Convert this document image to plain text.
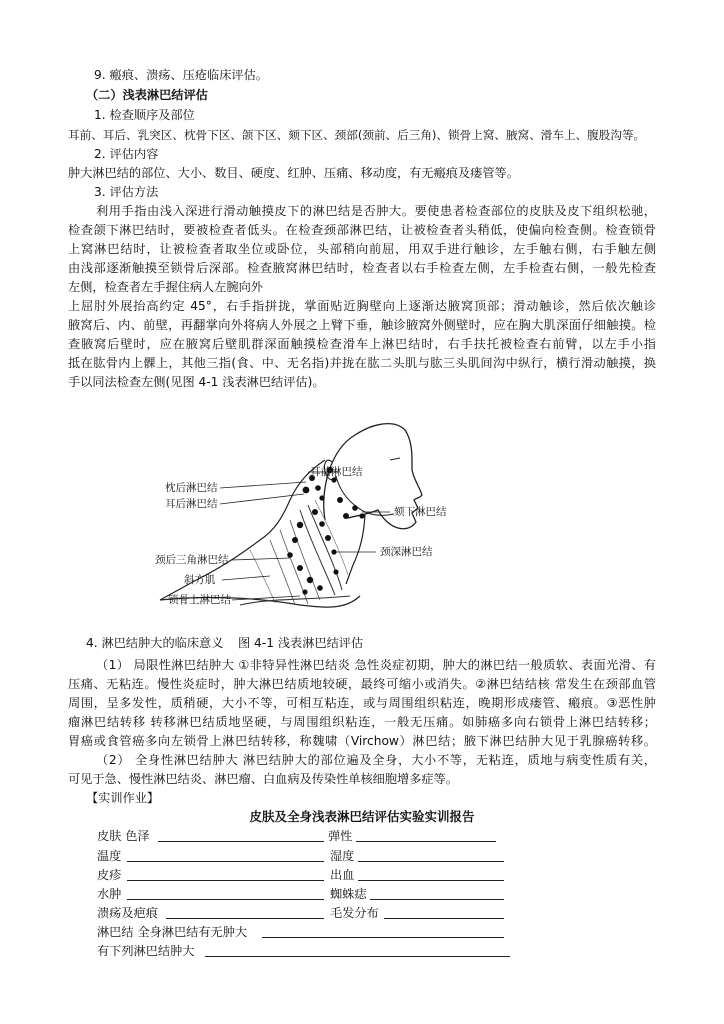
9. 瘢痕、溃疡、压疮临床评估。
（二）浅表淋巴结评估
1. 检查顺序及部位
耳前、耳后、乳突区、枕骨下区、颌下区、颏下区、颈部(颈前、后三角)、锁骨上窝、腋窝、滑车上、腹股沟等。
2. 评估内容
肿大淋巴结的部位、大小、数目、硬度、红肿、压痛、移动度，有无瘢痕及瘘管等。
3. 评估方法
利用手指由浅入深进行滑动触摸皮下的淋巴结是否肿大。要使患者检查部位的皮肤及皮下组织松驰，
检查颌下淋巴结时，要被检查者低头。在检查颈部淋巴结，让被检查者头稍低，使偏向检查侧。检查锁骨
上窝淋巴结时，让被检查者取坐位或卧位，头部稍向前屈，用双手进行触诊，左手触右侧，右手触左侧
由浅部逐渐触摸至锁骨后深部。检查腋窝淋巴结时，检查者以右手检查左侧，左手检查右侧，一般先检查
左侧，检查者左手握住病人左腕向外
上屈肘外展抬高约定 45°，右手指拼拢，掌面贴近胸壁向上逐渐达腋窝顶部；滑动触诊，然后依次触诊
腋窝后、内、前壁，再翻掌向外将病人外展之上臂下垂，触诊腋窝外侧壁时，应在胸大肌深面仔细触摸。检
查腋窝后壁时，应在腋窝后壁肌群深面触摸检查滑车上淋巴结时，右手扶托被检查右前臂，以左手小指
抵在肱骨内上髁上，其他三指(食、中、无名指)并拢在肱二头肌与肱三头肌间沟中纵行，横行滑动触摸，换
手以同法检查左侧(见图 4-1 浅表淋巴结评估)。
耳前淋巴结
枕后淋巴结
耳后淋巴结
颏下淋巴结
颈深淋巴结
颈后三角淋巴结
斜方肌
锁骨上淋巴结
4. 淋巴结肿大的临床意义 图 4-1 浅表淋巴结评估
（1） 局限性淋巴结肿大 ①非特异性淋巴结炎 急性炎症初期，肿大的淋巴结一般质软、表面光滑、有
压痛、无粘连。慢性炎症时，肿大淋巴结质地较硬，最终可缩小或消失。②淋巴结结核 常发生在颈部血管
周围，呈多发性，质稍硬，大小不等，可相互粘连，或与周围组织粘连，晚期形成瘘管、瘢痕。③恶性肿
瘤淋巴结转移 转移淋巴结质地坚硬，与周围组织粘连，一般无压痛。如肺癌多向右锁骨上淋巴结转移；
胃癌或食管癌多向左锁骨上淋巴结转移，称魏啸（Virchow）淋巴结；腋下淋巴结肿大见于乳腺癌转移。
（2） 全身性淋巴结肿大 淋巴结肿大的部位遍及全身，大小不等，无粘连，质地与病变性质有关，
可见于急、慢性淋巴结炎、淋巴瘤、白血病及传染性单核细胞增多症等。
【实训作业】
皮肤及全身浅表淋巴结评估实验实训报告
皮肤 色泽	弹性
温度	湿度
皮疹	出血
水肿	蜘蛛痣
溃疡及疤痕	毛发分布
淋巴结 全身淋巴结有无肿大
有下列淋巴结肿大
